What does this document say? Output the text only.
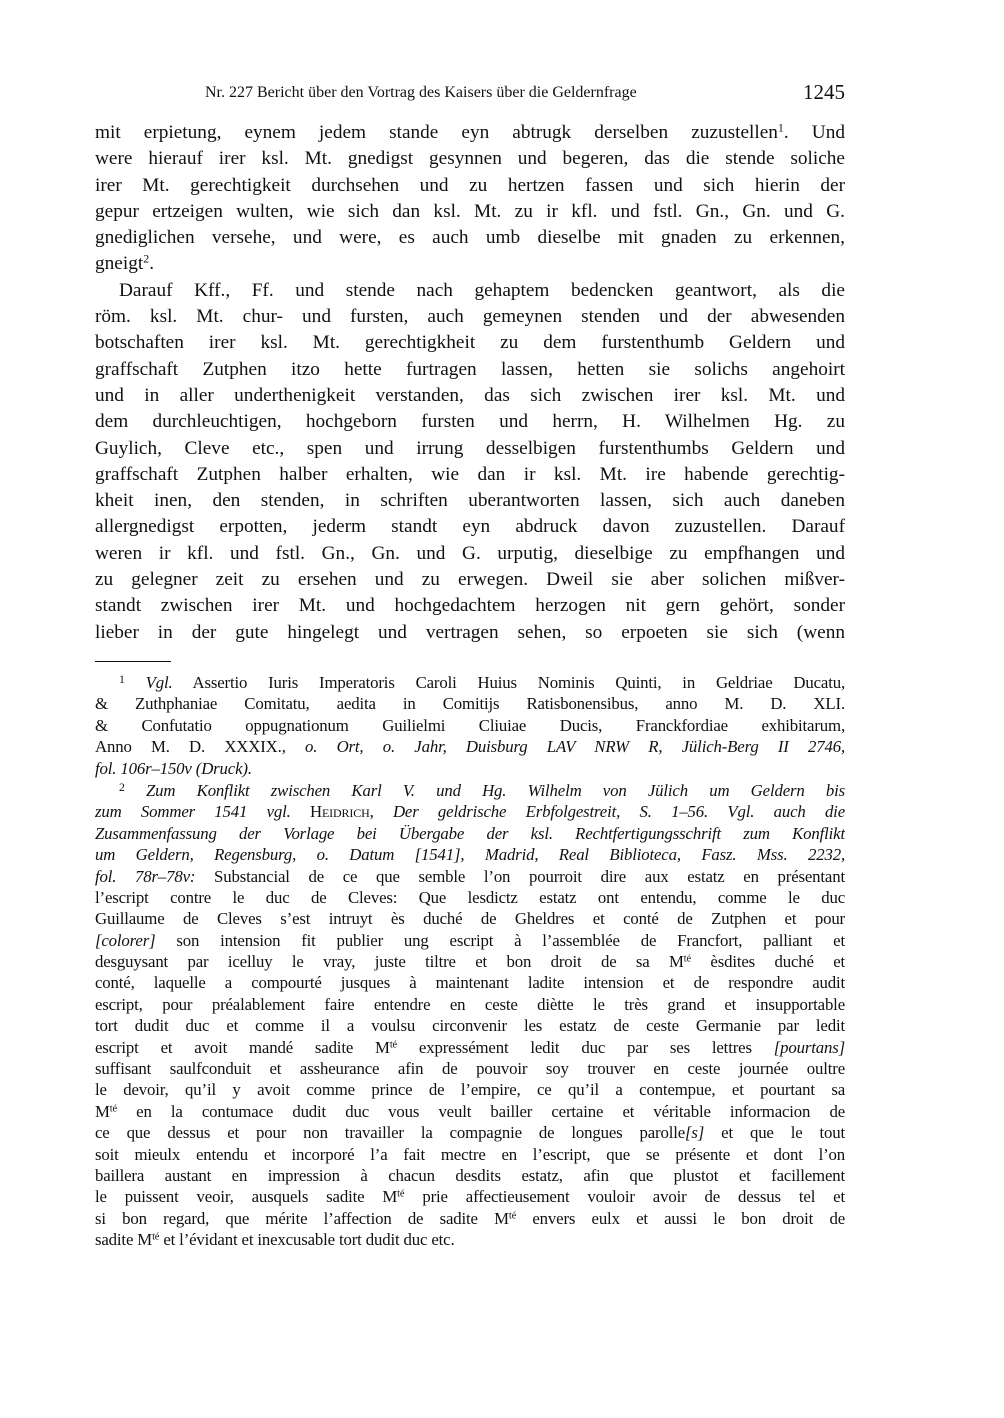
Nr. 227 Bericht über den Vortrag des Kaisers über die Geldernfrage	1245
mit erpietung, eynem jedem stande eyn abtrugk derselben zuzustellen$^1$. Und
were hierauf irer ksl. Mt. gnedigst gesynnen und begeren, das die stende soliche
irer Mt. gerechtigkeit durchsehen und zu hertzen fassen und sich hierin der
gepur ertzeigen wulten, wie sich dan ksl. Mt. zu ir kfl. und fstl. Gn., Gn. und G.
gnediglichen versehe, und were, es auch umb dieselbe mit gnaden zu erkennen,
gneigt$^2$.
Darauf Kff., Ff. und stende nach gehaptem bedencken geantwort, als die
röm. ksl. Mt. chur- und fursten, auch gemeynen stenden und der abwesenden
botschaften irer ksl. Mt. gerechtigkheit zu dem furstenthumb Geldern und
graffschaft Zutphen itzo hette furtragen lassen, hetten sie solichs angehoirt
und in aller underthenigkeit verstanden, das sich zwischen irer ksl. Mt. und
dem durchleuchtigen, hochgeborn fursten und herrn, H. Wilhelmen Hg. zu
Guylich, Cleve etc., spen und irrung desselbigen furstenthumbs Geldern und
graffschaft Zutphen halber erhalten, wie dan ir ksl. Mt. ire habende gerechtig-
kheit inen, den stenden, in schriften uberantworten lassen, sich auch daneben
allergnedigst erpotten, jederm standt eyn abdruck davon zuzustellen. Darauf
weren ir kfl. und fstl. Gn., Gn. und G. urputig, dieselbige zu empfhangen und
zu gelegner zeit zu ersehen und zu erwegen. Dweil sie aber solichen mißver-
standt zwischen irer Mt. und hochgedachtem herzogen nit gern gehört, sonder
lieber in der gute hingelegt und vertragen sehen, so erpoeten sie sich (wenn
$^1$ Vgl. Assertio Iuris Imperatoris Caroli Huius Nominis Quinti, in Geldriae Ducatu,
& Zuthphaniae Comitatu, aedita in Comitijs Ratisbonensibus, anno M. D. XLI.
& Confutatio oppugnationum Guilielmi Cliuiae Ducis, Franckfordiae exhibitarum,
Anno M. D. XXXIX., o. Ort, o. Jahr, Duisburg LAV NRW R, Jülich-Berg II 2746,
fol. 106r–150v (Druck).
$^2$ Zum Konflikt zwischen Karl V. und Hg. Wilhelm von Jülich um Geldern bis
zum Sommer 1541 vgl. Heidrich, Der geldrische Erbfolgestreit, S. 1–56. Vgl. auch die
Zusammenfassung der Vorlage bei Übergabe der ksl. Rechtfertigungsschrift zum Konflikt
um Geldern, Regensburg, o. Datum [1541], Madrid, Real Biblioteca, Fasz. Mss. 2232,
fol. 78r–78v: Substancial de ce que semble l’on pourroit dire aux estatz en présentant
l’escript contre le duc de Cleves: Que lesdictz estatz ont entendu, comme le duc
Guillaume de Cleves s’est intruyt ès duché de Gheldres et conté de Zutphen et pour
[colorer] son intension fit publier ung escript à l’assemblée de Francfort, palliant et
desguysant par icelluy le vray, juste tiltre et bon droit de sa $M^{té}$ èsdites duché et
conté, laquelle a compourté jusques à maintenant ladite intension et de respondre audit
escript, pour préalablement faire entendre en ceste diètte le très grand et insupportable
tort dudit duc et comme il a voulsu circonvenir les estatz de ceste Germanie par ledit
escript et avoit mandé sadite $M^{té}$ expressément ledit duc par ses lettres [pourtans]
suffisant saulfconduit et assheurance afin de pouvoir soy trouver en ceste journée oultre
le devoir, qu’il y avoit comme prince de l’empire, ce qu’il a contempue, et pourtant sa
$M^{té}$ en la contumace dudit duc vous veult bailler certaine et véritable informacion de
ce que dessus et pour non travailler la compagnie de longues parolle[s] et que le tout
soit mieulx entendu et incorporé l’a fait mectre en l’escript, que se présente et dont l’on
baillera austant en impression à chacun desdits estatz, afin que plustot et facillement
le puissent veoir, ausquels sadite $M^{té}$ prie affectieusement vouloir avoir de dessus tel et
si bon regard, que mérite l’affection de sadite $M^{té}$ envers eulx et aussi le bon droit de
sadite $M^{té}$ et l’évidant et inexcusable tort dudit duc etc.
